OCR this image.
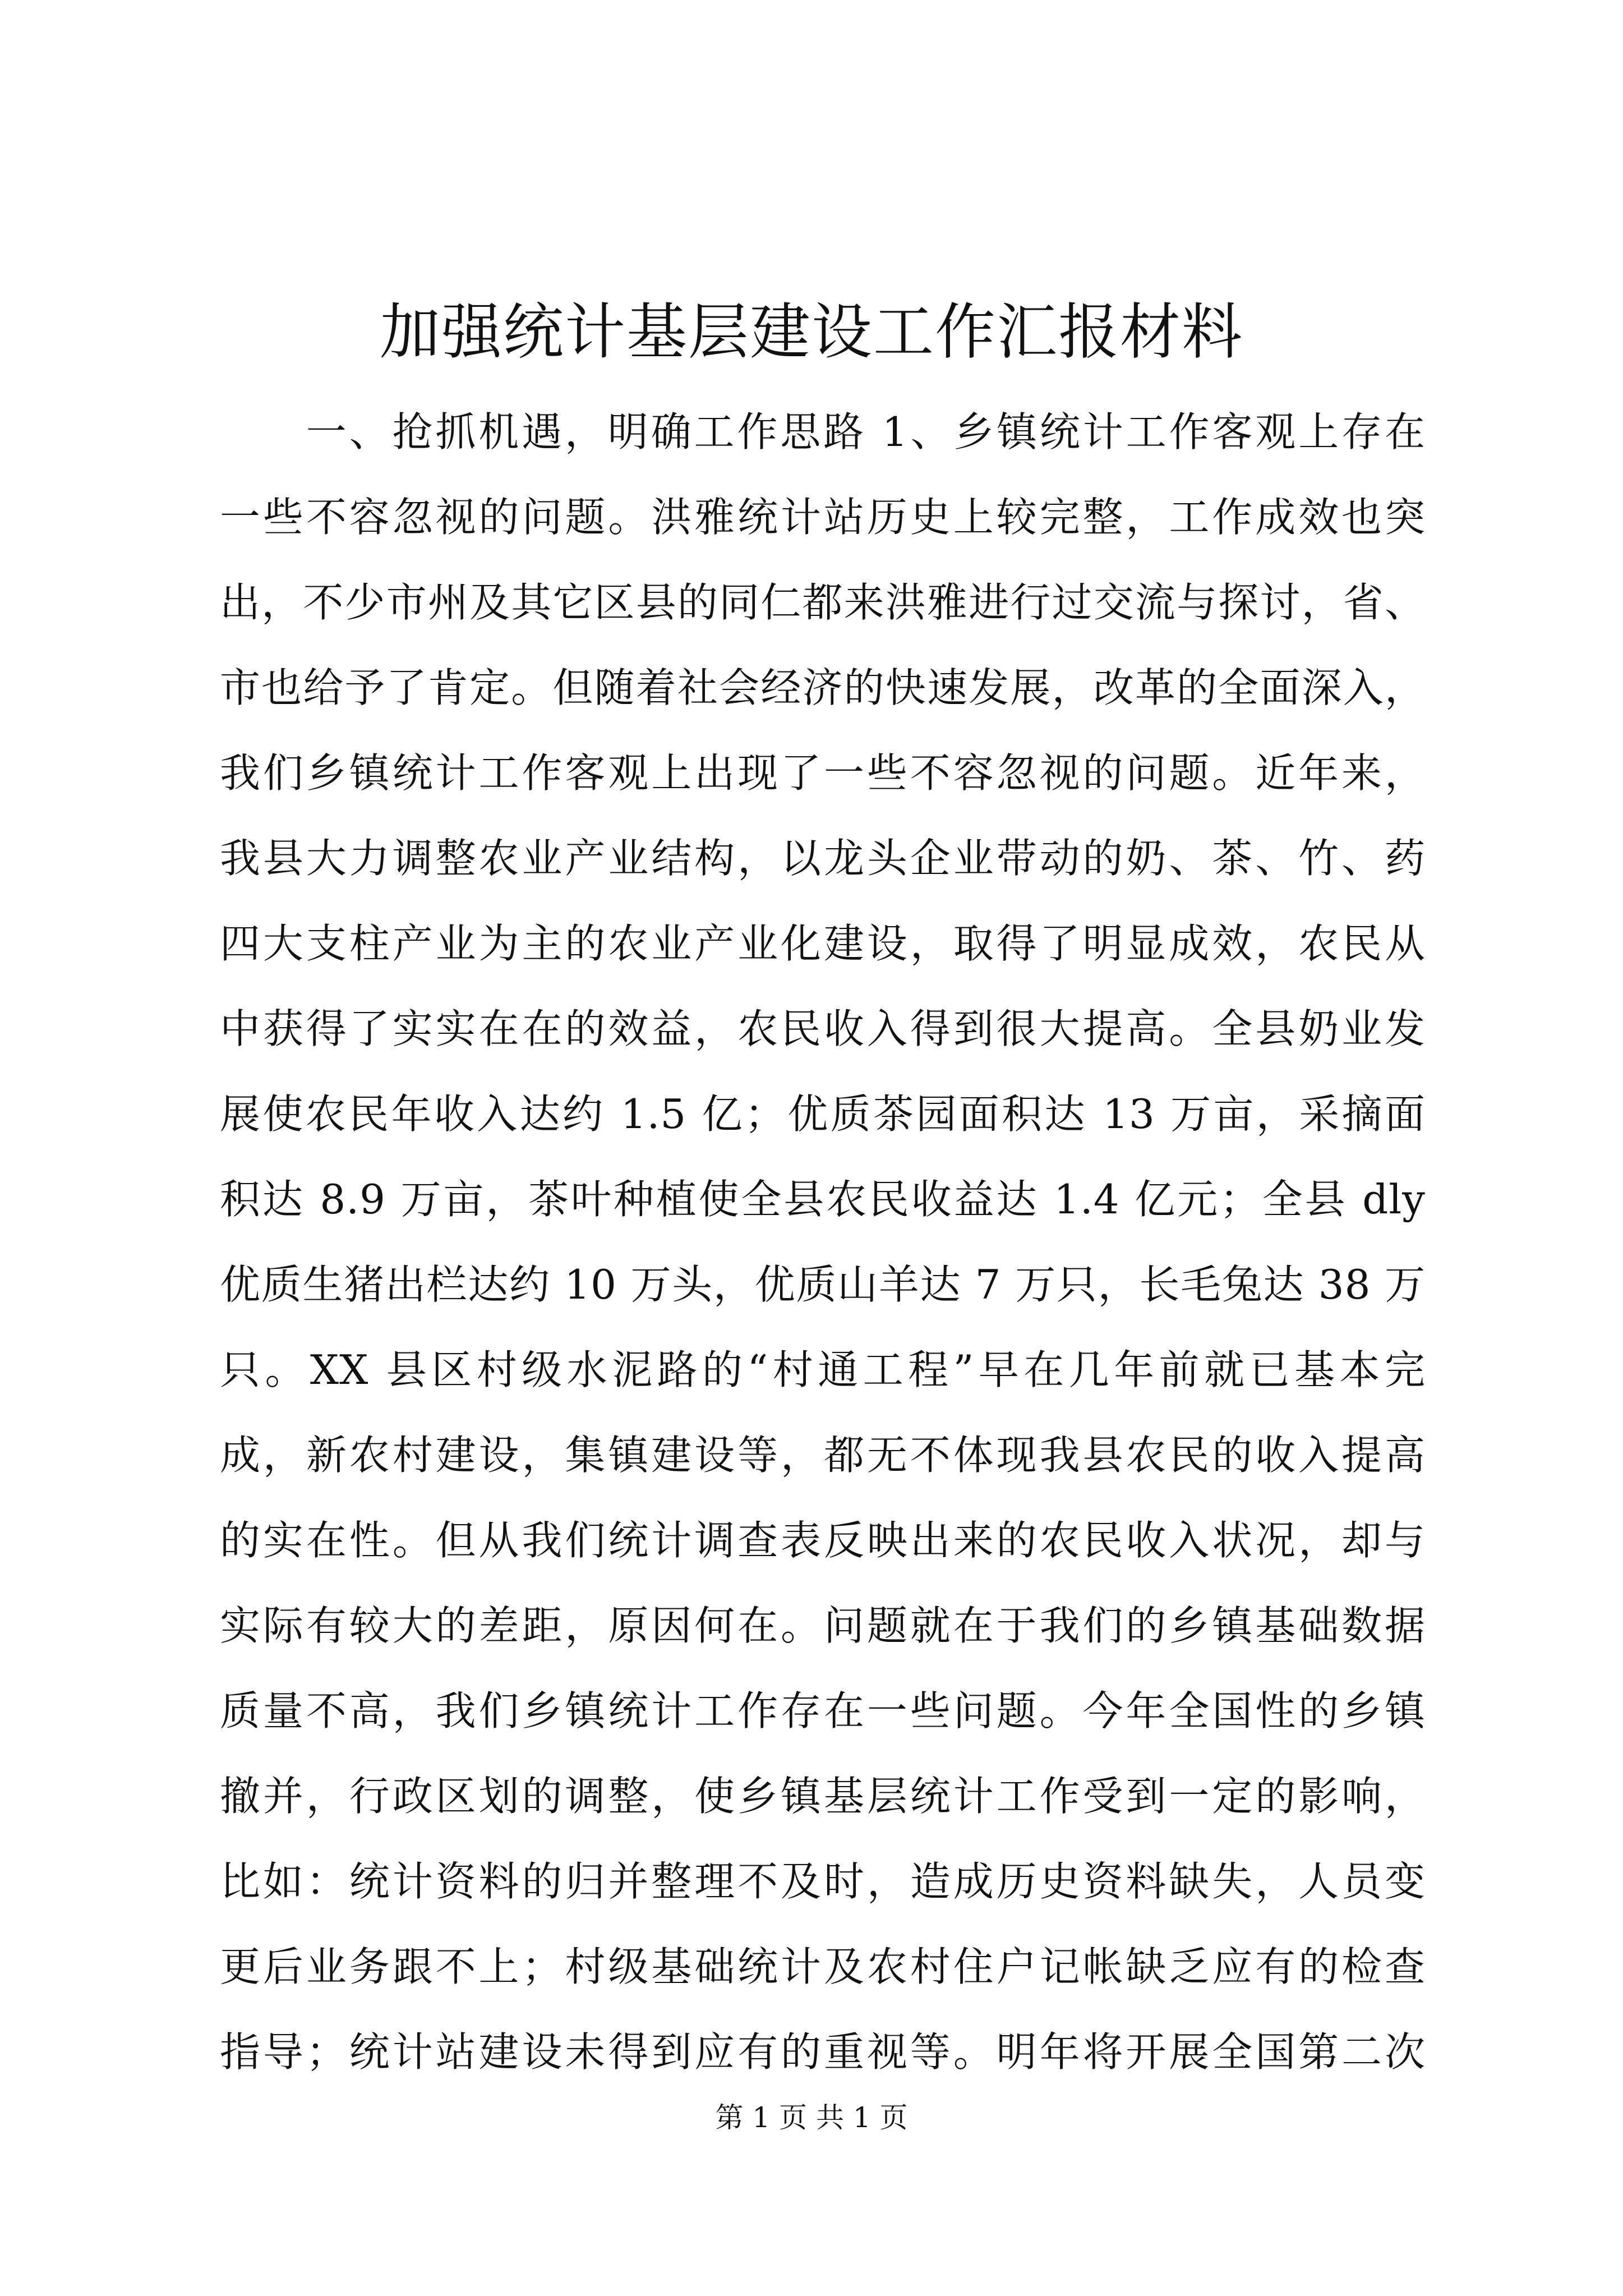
加强统计基层建设工作汇报材料
　　一、抢抓机遇，明确工作思路 1、乡镇统计工作客观上存在
一些不容忽视的问题。洪雅统计站历史上较完整，工作成效也突
出，不少市州及其它区县的同仁都来洪雅进行过交流与探讨，省、
市也给予了肯定。但随着社会经济的快速发展，改革的全面深入，
我们乡镇统计工作客观上出现了一些不容忽视的问题。近年来，
我县大力调整农业产业结构，以龙头企业带动的奶、茶、竹、药
四大支柱产业为主的农业产业化建设，取得了明显成效，农民从
中获得了实实在在的效益，农民收入得到很大提高。全县奶业发
展使农民年收入达约 1.5 亿；优质茶园面积达 13 万亩，采摘面
积达 8.9 万亩，茶叶种植使全县农民收益达 1.4 亿元；全县 dly
优质生猪出栏达约 10 万头，优质山羊达 7 万只，长毛兔达 38 万
只。XX 县区村级水泥路的“村通工程”早在几年前就已基本完
成，新农村建设，集镇建设等，都无不体现我县农民的收入提高
的实在性。但从我们统计调查表反映出来的农民收入状况，却与
实际有较大的差距，原因何在。问题就在于我们的乡镇基础数据
质量不高，我们乡镇统计工作存在一些问题。今年全国性的乡镇
撤并，行政区划的调整，使乡镇基层统计工作受到一定的影响，
比如：统计资料的归并整理不及时，造成历史资料缺失，人员变
更后业务跟不上；村级基础统计及农村住户记帐缺乏应有的检查
指导；统计站建设未得到应有的重视等。明年将开展全国第二次
第 1 页 共 1 页
